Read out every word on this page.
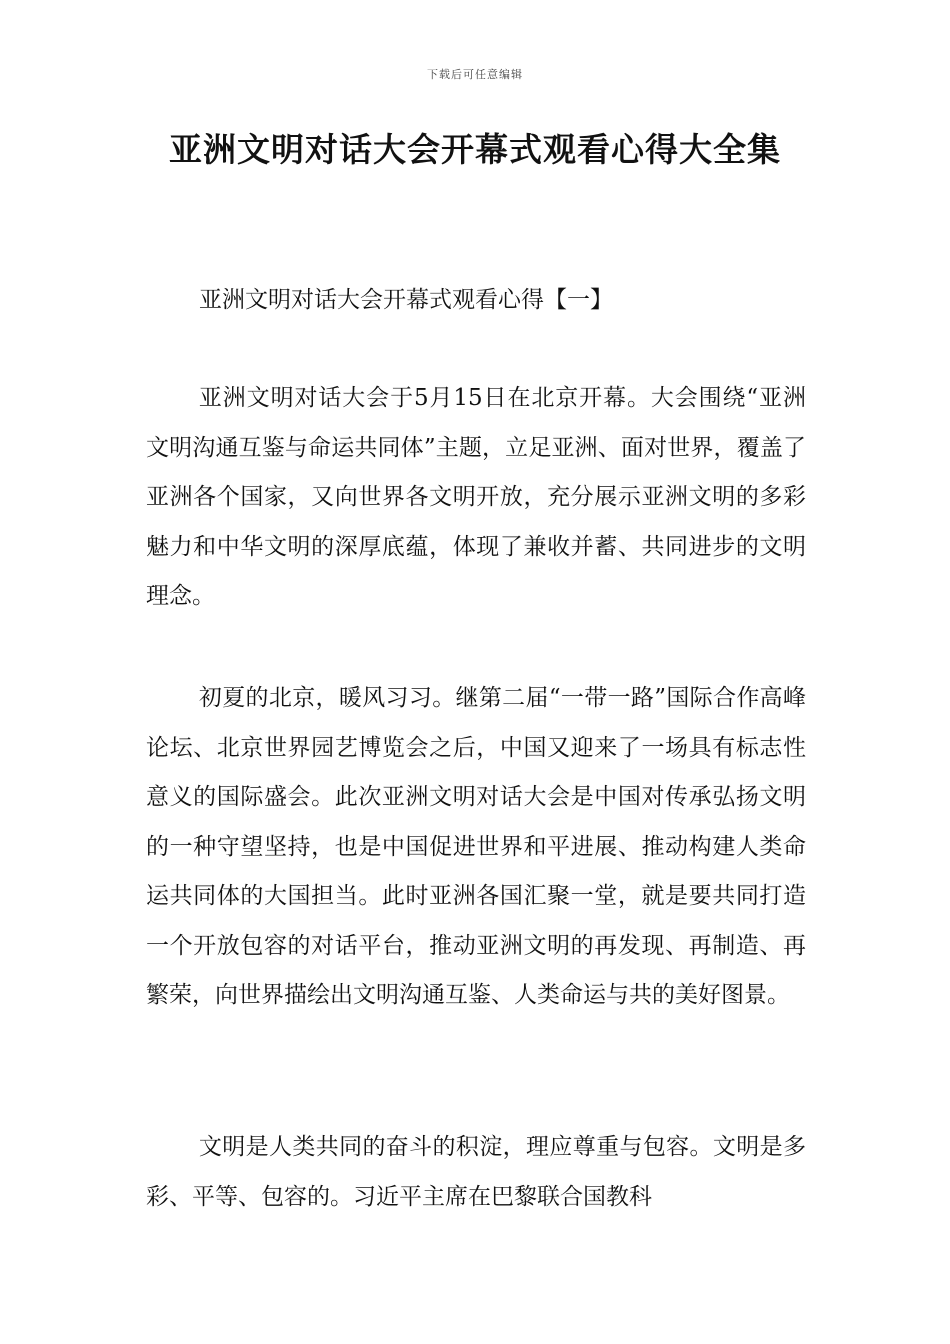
下载后可任意编辑
亚洲文明对话大会开幕式观看心得大全集
亚洲文明对话大会开幕式观看心得【一】

亚洲文明对话大会于5月15日在北京开幕。大会围绕“亚洲文明沟通互鉴与命运共同体”主题，立足亚洲、面对世界，覆盖了亚洲各个国家，又向世界各文明开放，充分展示亚洲文明的多彩魅力和中华文明的深厚底蕴，体现了兼收并蓄、共同进步的文明理念。

初夏的北京，暖风习习。继第二届“一带一路”国际合作高峰论坛、北京世界园艺博览会之后，中国又迎来了一场具有标志性意义的国际盛会。此次亚洲文明对话大会是中国对传承弘扬文明的一种守望坚持，也是中国促进世界和平进展、推动构建人类命运共同体的大国担当。此时亚洲各国汇聚一堂，就是要共同打造一个开放包容的对话平台，推动亚洲文明的再发现、再制造、再繁荣，向世界描绘出文明沟通互鉴、人类命运与共的美好图景。

文明是人类共同的奋斗的积淀，理应尊重与包容。文明是多彩、平等、包容的。习近平主席在巴黎联合国教科
